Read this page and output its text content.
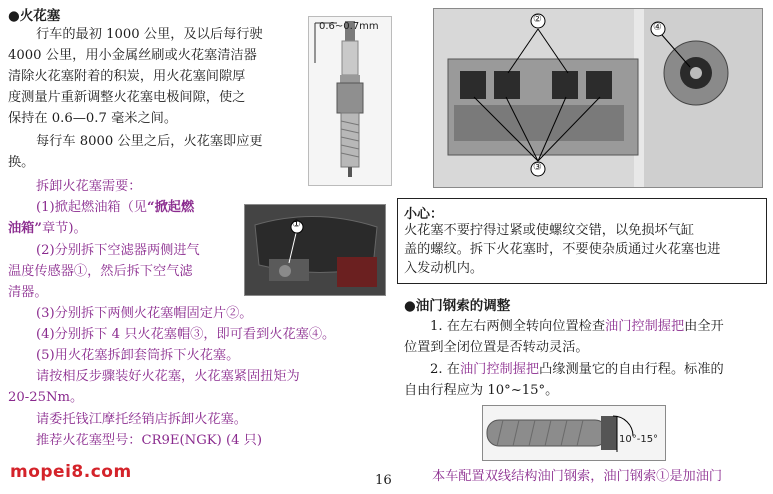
●火花塞
行车的最初 1000 公里，及以后每行驶
4000 公里，用小金属丝刷或火花塞清洁器
清除火花塞附着的积炭，用火花塞间隙厚
度测量片重新调整火花塞电极间隙，使之
保持在 0.6—0.7 毫米之间。
每行车 8000 公里之后，火花塞即应更
换。
0.6~0.7mm
拆卸火花塞需要：
(1)掀起燃油箱（见“掀起燃
油箱”章节)。
(2)分别拆下空滤器两侧进气
温度传感器①，然后拆下空气滤
清器。
①
(3)分别拆下两侧火花塞帽固定片②。
(4)分别拆下 4 只火花塞帽③，即可看到火花塞④。
(5)用火花塞拆卸套筒拆下火花塞。
请按相反步骤装好火花塞，火花塞紧固扭矩为
20-25Nm。
请委托钱江摩托经销店拆卸火花塞。
推荐火花塞型号：CR9E(NGK) (4 只)
②
③
④
小心：
火花塞不要拧得过紧或使螺纹交错，以免损坏气缸
盖的螺纹。拆下火花塞时，不要使杂质通过火花塞也进
入发动机内。
●油门钢索的调整
1. 在左右两侧全转向位置检查油门控制握把由全开
位置到全闭位置是否转动灵活。
2. 在油门控制握把凸缘测量它的自由行程。标准的
自由行程应为 10°~15°。
10°-15°
本车配置双线结构油门钢索，油门钢索①是加油门
mopei8.com	16
